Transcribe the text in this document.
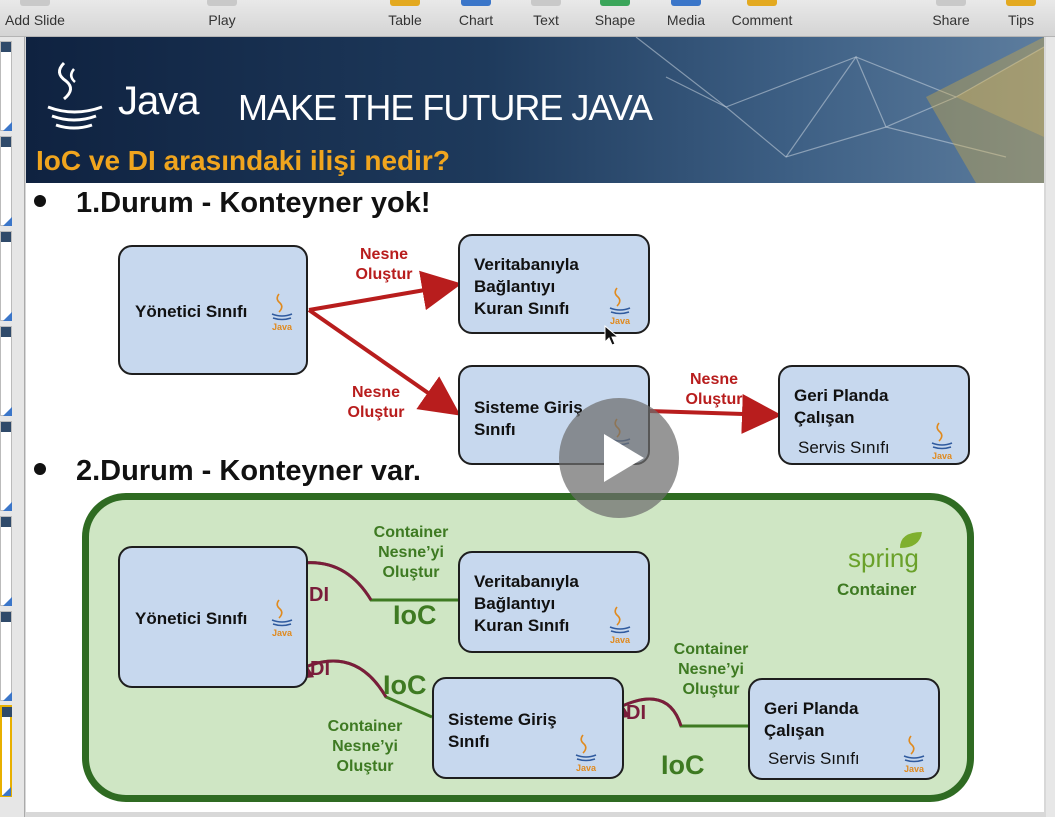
Add Slide	Play	Table	Chart	Text	Shape	Media	Comment	Share	Tips
Java MAKE THE FUTURE JAVA
IoC ve DI arasındaki ilişi nedir?
1.Durum - Konteyner yok!
2.Durum - Konteyner var.
Yönetici Sınıfı
Java
Veritabanıyla
Bağlantıyı
Kuran Sınıfı
Java
Sisteme Giriş
Sınıfı
Geri Planda
Çalışan
Servis Sınıfı	Java
Nesne
Oluştur
Nesne
Oluştur
Nesne
Oluştur
Yönetici Sınıfı
Java
Veritabanıyla
Bağlantıyı
Kuran Sınıfı
Java
Sisteme Giriş
Sınıfı
Java
Geri Planda
Çalışan
Servis Sınıfı
Java
Container
Nesne’yi
Oluştur
Container
Nesne’yi
Oluştur
Container
Nesne’yi
Oluştur
DI
DI
DI
IoC
IoC
IoC
spring
Container
